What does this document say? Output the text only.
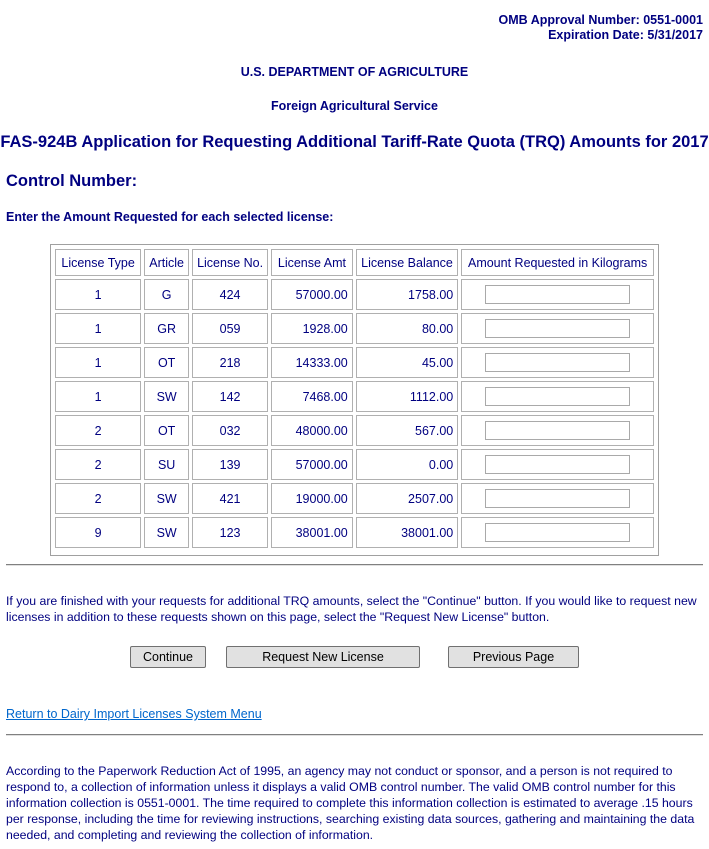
OMB Approval Number: 0551-0001
Expiration Date: 5/31/2017
U.S. DEPARTMENT OF AGRICULTURE
Foreign Agricultural Service
FAS-924B Application for Requesting Additional Tariff-Rate Quota (TRQ) Amounts for 2017
Control Number:
Enter the Amount Requested for each selected license:
License Type	Article	License No.	License Amt	License Balance	Amount Requested in Kilograms
1	G	424	57000.00	1758.00	
1	GR	059	1928.00	80.00	
1	OT	218	14333.00	45.00	
1	SW	142	7468.00	1112.00	
2	OT	032	48000.00	567.00	
2	SU	139	57000.00	0.00	
2	SW	421	19000.00	2507.00	
9	SW	123	38001.00	38001.00	
If you are finished with your requests for additional TRQ amounts, select the "Continue" button. If you would like to request new licenses in addition to these requests shown on this page, select the "Request New License" button.
Continue	Request New License	Previous Page
Return to Dairy Import Licenses System Menu
According to the Paperwork Reduction Act of 1995, an agency may not conduct or sponsor, and a person is not required to respond to, a collection of information unless it displays a valid OMB control number. The valid OMB control number for this information collection is 0551-0001. The time required to complete this information collection is estimated to average .15 hours per response, including the time for reviewing instructions, searching existing data sources, gathering and maintaining the data needed, and completing and reviewing the collection of information.
